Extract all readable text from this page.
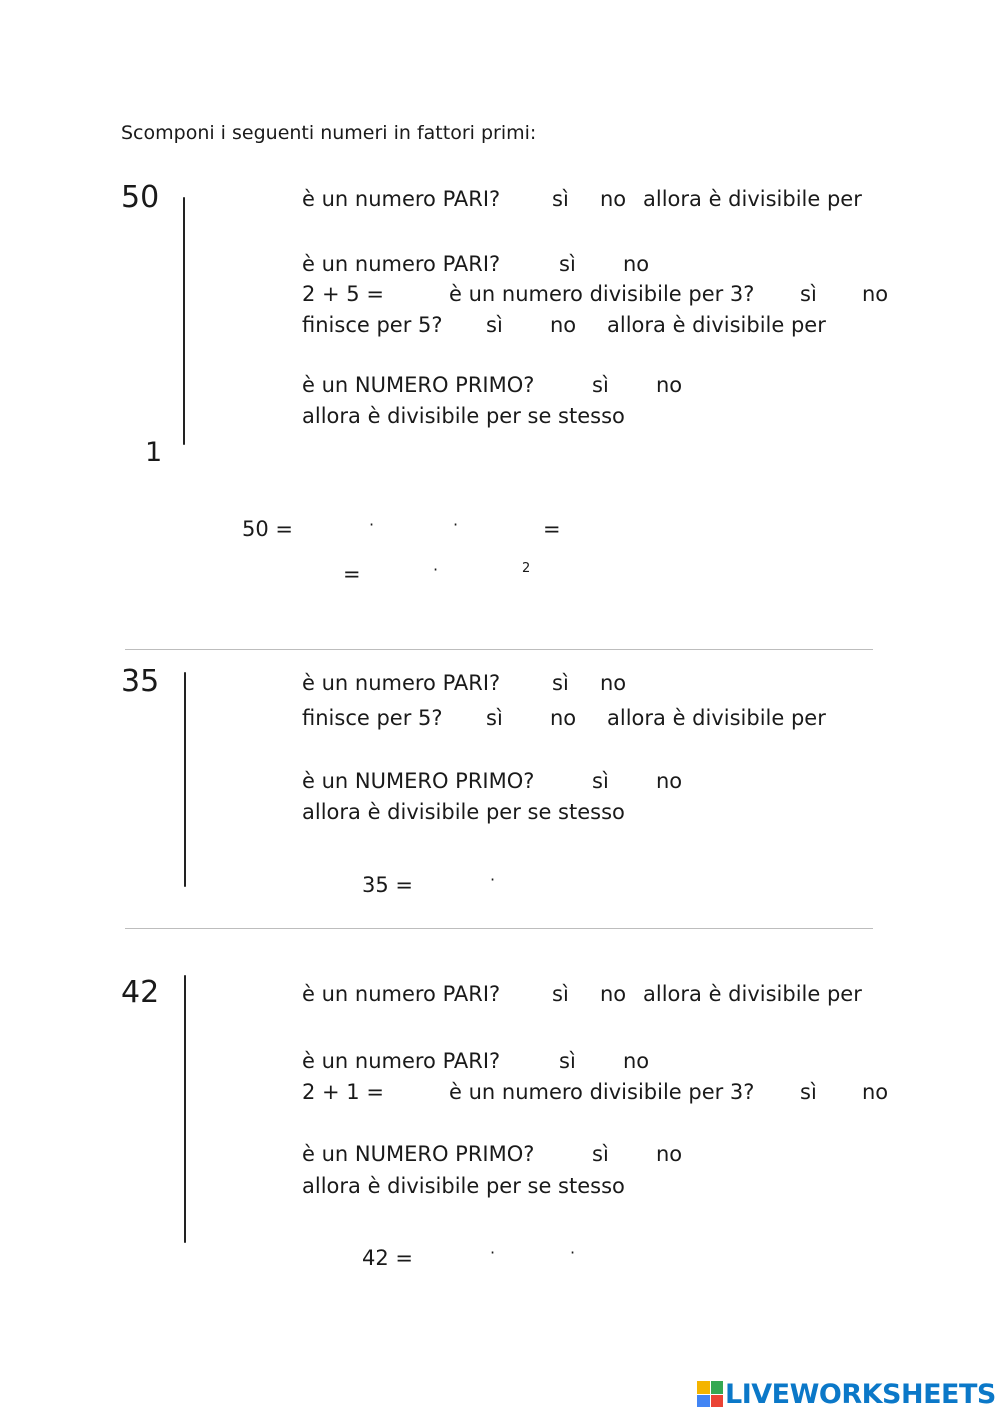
Scomponi i seguenti numeri in fattori primi:
50
1
è un numero PARI? sì no allora è divisibile per
è un numero PARI?	sì no
2 + 5 =	è un numero divisibile per 3? sì no
finisce per 5? sì no allora è divisibile per
è un NUMERO PRIMO?	sì no
allora è divisibile per se stesso
50 =	·	·	=
=	·	2
35	è un numero PARI? sì no
finisce per 5? sì no allora è divisibile per
è un NUMERO PRIMO?	sì no
allora è divisibile per se stesso
35 =	·
42	è un numero PARI? sì no allora è divisibile per
è un numero PARI?	sì no
2 + 1 =	è un numero divisibile per 3? sì no
è un NUMERO PRIMO?	sì no
allora è divisibile per se stesso
42 =	·	·
LIVEWORKSHEETS
